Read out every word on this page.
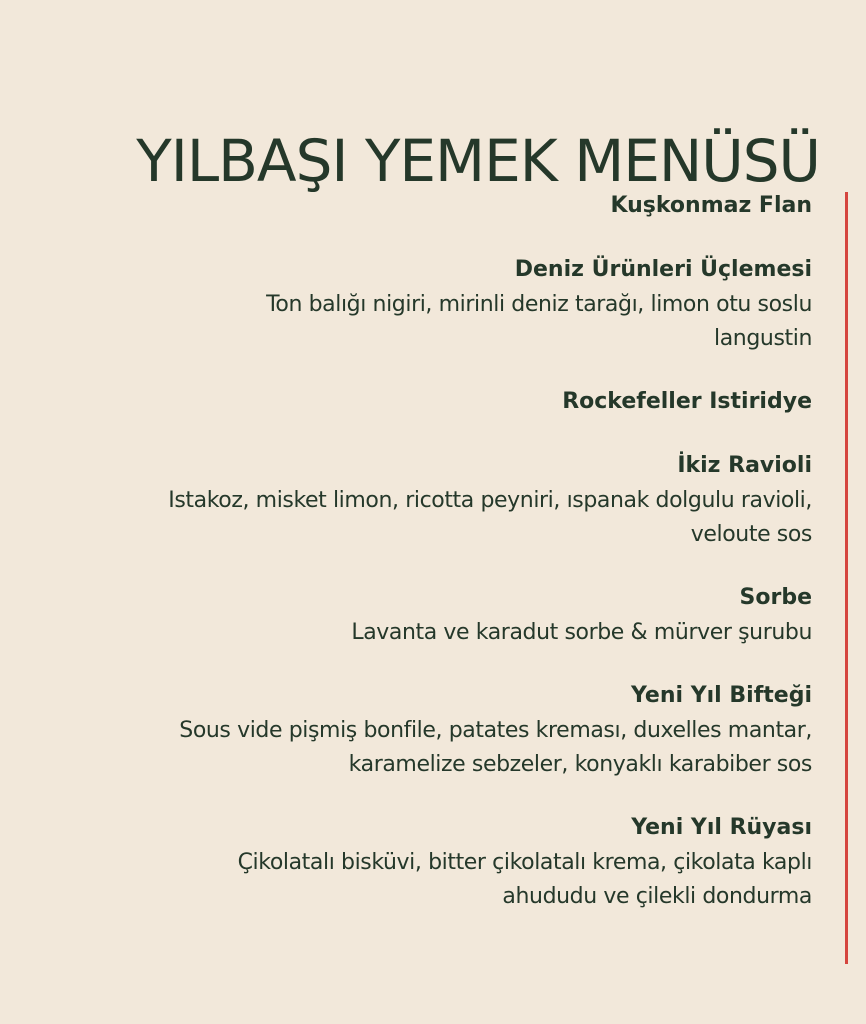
YILBAŞI YEMEK MENÜSÜ
Kuşkonmaz Flan
Deniz Ürünleri Üçlemesi
Ton balığı nigiri, mirinli deniz tarağı, limon otu soslu
langustin
Rockefeller Istiridye
İkiz Ravioli
Istakoz, misket limon, ricotta peyniri, ıspanak dolgulu ravioli,
veloute sos
Sorbe
Lavanta ve karadut sorbe & mürver şurubu
Yeni Yıl Bifteği
Sous vide pişmiş bonfile, patates kreması, duxelles mantar,
karamelize sebzeler, konyaklı karabiber sos
Yeni Yıl Rüyası
Çikolatalı bisküvi, bitter çikolatalı krema, çikolata kaplı
ahududu ve çilekli dondurma
